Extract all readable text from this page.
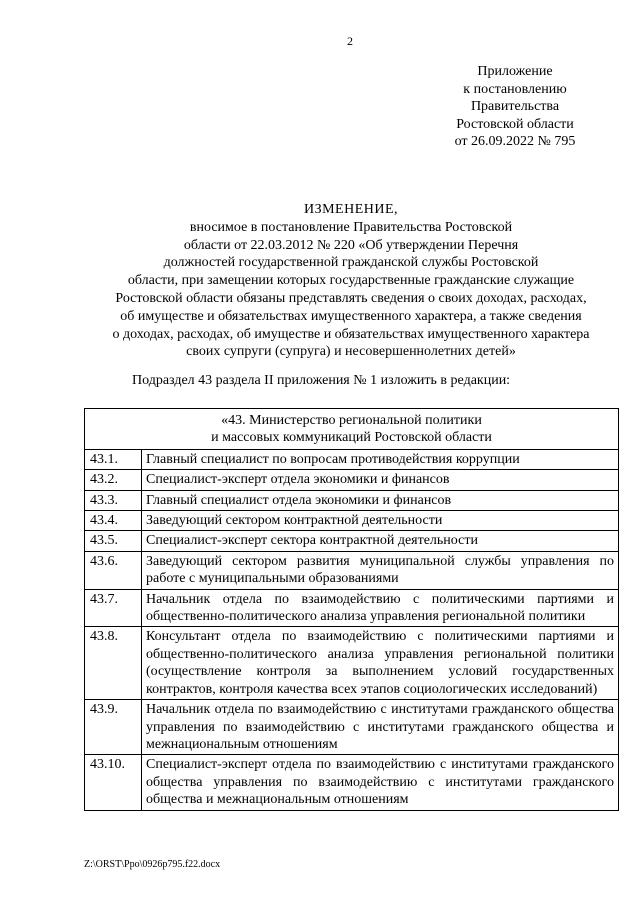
2
Приложение
к постановлению
Правительства
Ростовской области
от 26.09.2022 № 795
ИЗМЕНЕНИЕ,
вносимое в постановление Правительства Ростовской
области от 22.03.2012 № 220 «Об утверждении Перечня
должностей государственной гражданской службы Ростовской
области, при замещении которых государственные гражданские служащие
Ростовской области обязаны представлять сведения о своих доходах, расходах,
об имуществе и обязательствах имущественного характера, а также сведения
о доходах, расходах, об имуществе и обязательствах имущественного характера
своих супруги (супруга) и несовершеннолетних детей»
Подраздел 43 раздела II приложения № 1 изложить в редакции:
«43. Министерство региональной политики
и массовых коммуникаций Ростовской области	

43.1.	Главный специалист по вопросам противодействия коррупции
43.2.	Специалист-эксперт отдела экономики и финансов
43.3.	Главный специалист отдела экономики и финансов
43.4.	Заведующий сектором контрактной деятельности
43.5.	Специалист-эксперт сектора контрактной деятельности
43.6.	Заведующий сектором развития муниципальной службы управления по работе с муниципальными образованиями
43.7.	Начальник отдела по взаимодействию с политическими партиями и общественно-политического анализа управления региональной политики
43.8.	Консультант отдела по взаимодействию с политическими партиями и общественно-политического анализа управления региональной политики (осуществление контроля за выполнением условий государственных контрактов, контроля качества всех этапов социологических исследований)
43.9.	Начальник отдела по взаимодействию с институтами гражданского общества управления по взаимодействию с институтами гражданского общества и межнациональным отношениям
43.10.	Специалист-эксперт отдела по взаимодействию с институтами гражданского общества управления по взаимодействию с институтами гражданского общества и межнациональным отношениям
Z:\ORST\Ppo\0926p795.f22.docx
